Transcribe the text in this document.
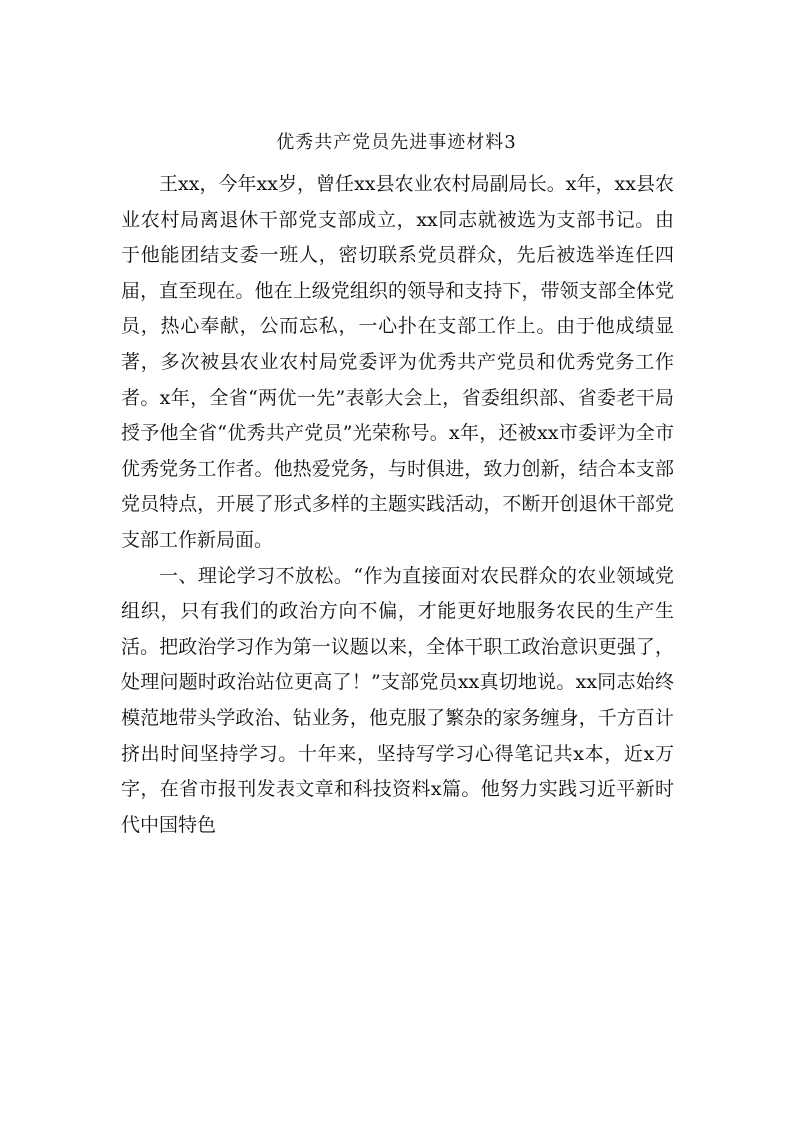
优秀共产党员先进事迹材料3

王xx，今年xx岁，曾任xx县农业农村局副局长。x年，xx县农业农村局离退休干部党支部成立，xx同志就被选为支部书记。由于他能团结支委一班人，密切联系党员群众，先后被选举连任四届，直至现在。他在上级党组织的领导和支持下，带领支部全体党员，热心奉献，公而忘私，一心扑在支部工作上。由于他成绩显著，多次被县农业农村局党委评为优秀共产党员和优秀党务工作者。x年，全省“两优一先”表彰大会上，省委组织部、省委老干局授予他全省“优秀共产党员”光荣称号。x年，还被xx市委评为全市优秀党务工作者。他热爱党务，与时俱进，致力创新，结合本支部党员特点，开展了形式多样的主题实践活动，不断开创退休干部党支部工作新局面。

一、理论学习不放松。“作为直接面对农民群众的农业领域党组织，只有我们的政治方向不偏，才能更好地服务农民的生产生活。把政治学习作为第一议题以来，全体干职工政治意识更强了，处理问题时政治站位更高了！”支部党员xx真切地说。xx同志始终模范地带头学政治、钻业务，他克服了繁杂的家务缠身，千方百计挤出时间坚持学习。十年来，坚持写学习心得笔记共x本，近x万字，在省市报刊发表文章和科技资料x篇。他努力实践习近平新时代中国特色
